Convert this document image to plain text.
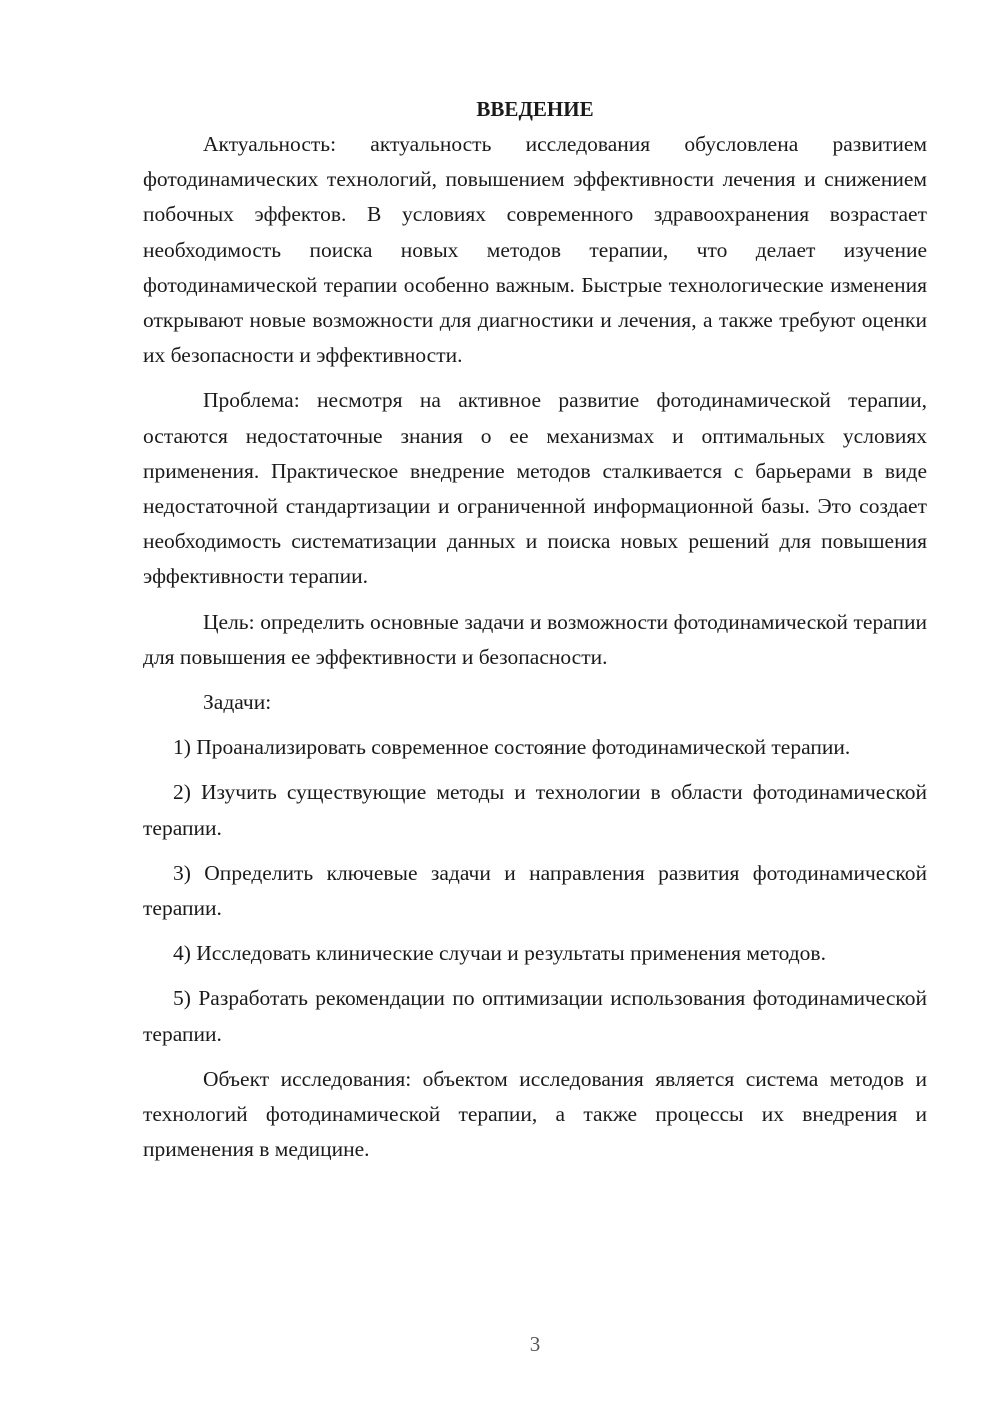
ВВЕДЕНИЕ

Актуальность: актуальность исследования обусловлена развитием фотодинамических технологий, повышением эффективности лечения и снижением побочных эффектов. В условиях современного здравоохранения возрастает необходимость поиска новых методов терапии, что делает изучение фотодинамической терапии особенно важным. Быстрые технологические изменения открывают новые возможности для диагностики и лечения, а также требуют оценки их безопасности и эффективности.

Проблема: несмотря на активное развитие фотодинамической терапии, остаются недостаточные знания о ее механизмах и оптимальных условиях применения. Практическое внедрение методов сталкивается с барьерами в виде недостаточной стандартизации и ограниченной информационной базы. Это создает необходимость систематизации данных и поиска новых решений для повышения эффективности терапии.

Цель: определить основные задачи и возможности фотодинамической терапии для повышения ее эффективности и безопасности.

Задачи:

1) Проанализировать современное состояние фотодинамической терапии.

2) Изучить существующие методы и технологии в области фотодинамической терапии.

3) Определить ключевые задачи и направления развития фотодинамической терапии.

4) Исследовать клинические случаи и результаты применения методов.

5) Разработать рекомендации по оптимизации использования фотодинамической терапии.

Объект исследования: объектом исследования является система методов и технологий фотодинамической терапии, а также процессы их внедрения и применения в медицине.

3
